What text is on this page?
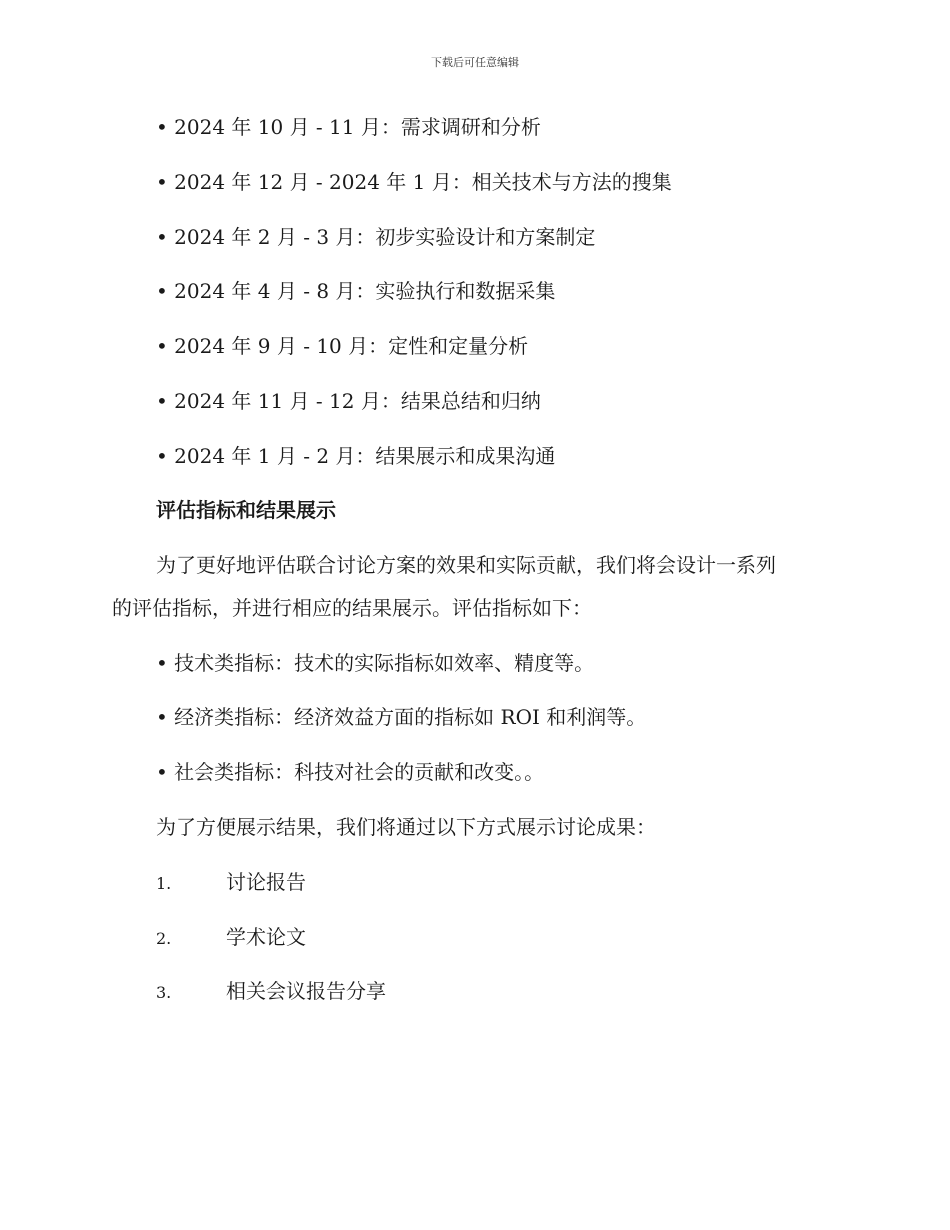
下载后可任意编辑
• 2024 年 10 月 - 11 月：需求调研和分析
• 2024 年 12 月 - 2024 年 1 月：相关技术与方法的搜集
• 2024 年 2 月 - 3 月：初步实验设计和方案制定
• 2024 年 4 月 - 8 月：实验执行和数据采集
• 2024 年 9 月 - 10 月：定性和定量分析
• 2024 年 11 月 - 12 月：结果总结和归纳
• 2024 年 1 月 - 2 月：结果展示和成果沟通
评估指标和结果展示
为了更好地评估联合讨论方案的效果和实际贡献，我们将会设计一系列
的评估指标，并进行相应的结果展示。评估指标如下：
• 技术类指标：技术的实际指标如效率、精度等。
• 经济类指标：经济效益方面的指标如 ROI 和利润等。
• 社会类指标：科技对社会的贡献和改变。。
为了方便展示结果，我们将通过以下方式展示讨论成果：
1.	讨论报告
2.	学术论文
3.	相关会议报告分享
